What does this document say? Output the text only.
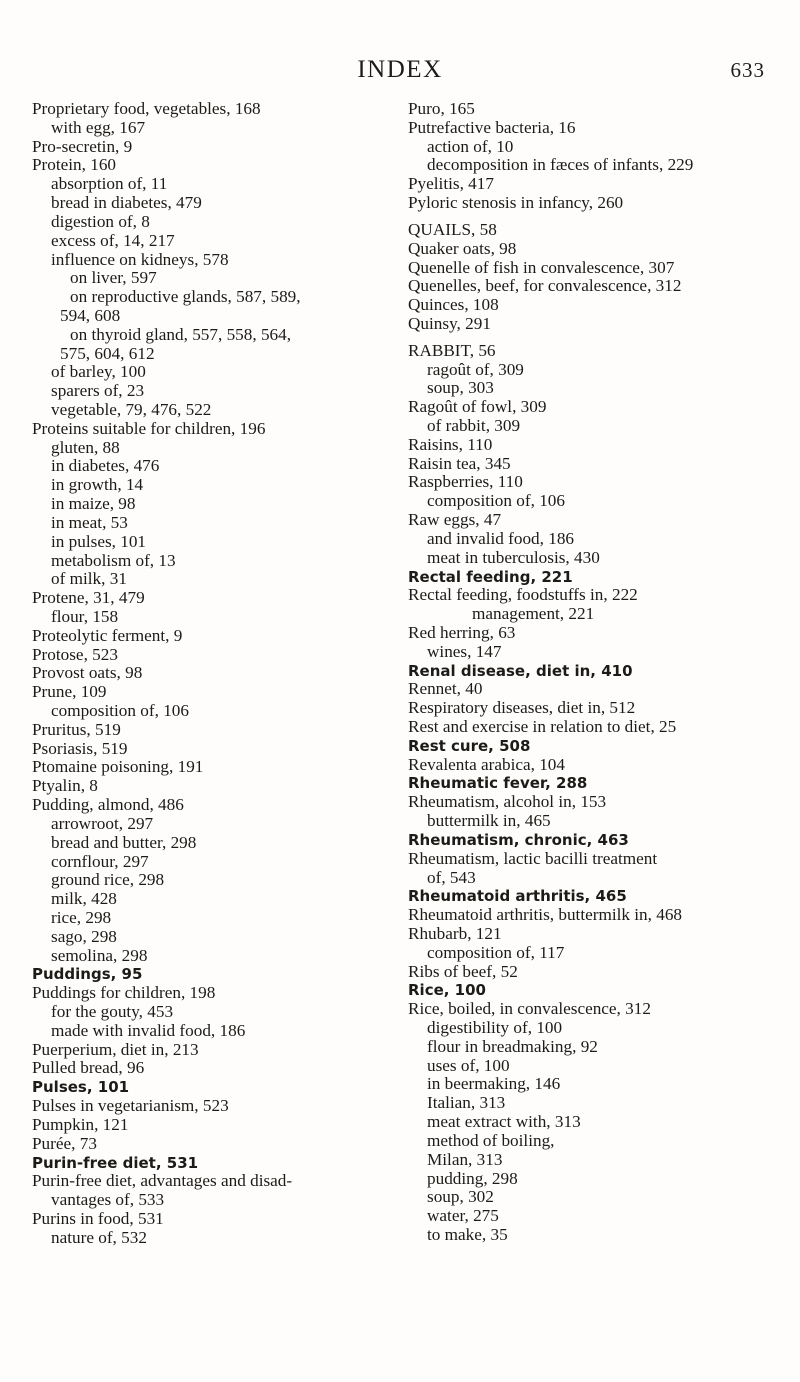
INDEX	633
Proprietary food, vegetables, 168
with egg, 167
Pro-secretin, 9
Protein, 160
absorption of, 11
bread in diabetes, 479
digestion of, 8
excess of, 14, 217
influence on kidneys, 578
on liver, 597
on reproductive glands, 587, 589,
594, 608
on thyroid gland, 557, 558, 564,
575, 604, 612
of barley, 100
sparers of, 23
vegetable, 79, 476, 522
Proteins suitable for children, 196
gluten, 88
in diabetes, 476
in growth, 14
in maize, 98
in meat, 53
in pulses, 101
metabolism of, 13
of milk, 31
Protene, 31, 479
flour, 158
Proteolytic ferment, 9
Protose, 523
Provost oats, 98
Prune, 109
composition of, 106
Pruritus, 519
Psoriasis, 519
Ptomaine poisoning, 191
Ptyalin, 8
Pudding, almond, 486
arrowroot, 297
bread and butter, 298
cornflour, 297
ground rice, 298
milk, 428
rice, 298
sago, 298
semolina, 298
Puddings, 95
Puddings for children, 198
for the gouty, 453
made with invalid food, 186
Puerperium, diet in, 213
Pulled bread, 96
Pulses, 101
Pulses in vegetarianism, 523
Pumpkin, 121
Purée, 73
Purin-free diet, 531
Purin-free diet, advantages and disad-
vantages of, 533
Purins in food, 531
nature of, 532
Puro, 165
Putrefactive bacteria, 16
action of, 10
decomposition in fæces of infants, 229
Pyelitis, 417
Pyloric stenosis in infancy, 260
QUAILS, 58
Quaker oats, 98
Quenelle of fish in convalescence, 307
Quenelles, beef, for convalescence, 312
Quinces, 108
Quinsy, 291
RABBIT, 56
ragoût of, 309
soup, 303
Ragoût of fowl, 309
of rabbit, 309
Raisins, 110
Raisin tea, 345
Raspberries, 110
composition of, 106
Raw eggs, 47
and invalid food, 186
meat in tuberculosis, 430
Rectal feeding, 221
Rectal feeding, foodstuffs in, 222
management, 221
Red herring, 63
wines, 147
Renal disease, diet in, 410
Rennet, 40
Respiratory diseases, diet in, 512
Rest and exercise in relation to diet, 25
Rest cure, 508
Revalenta arabica, 104
Rheumatic fever, 288
Rheumatism, alcohol in, 153
buttermilk in, 465
Rheumatism, chronic, 463
Rheumatism, lactic bacilli treatment
of, 543
Rheumatoid arthritis, 465
Rheumatoid arthritis, buttermilk in, 468
Rhubarb, 121
composition of, 117
Ribs of beef, 52
Rice, 100
Rice, boiled, in convalescence, 312
digestibility of, 100
flour in breadmaking, 92
uses of, 100
in beermaking, 146
Italian, 313
meat extract with, 313
method of boiling,
Milan, 313
pudding, 298
soup, 302
water, 275
to make, 35
